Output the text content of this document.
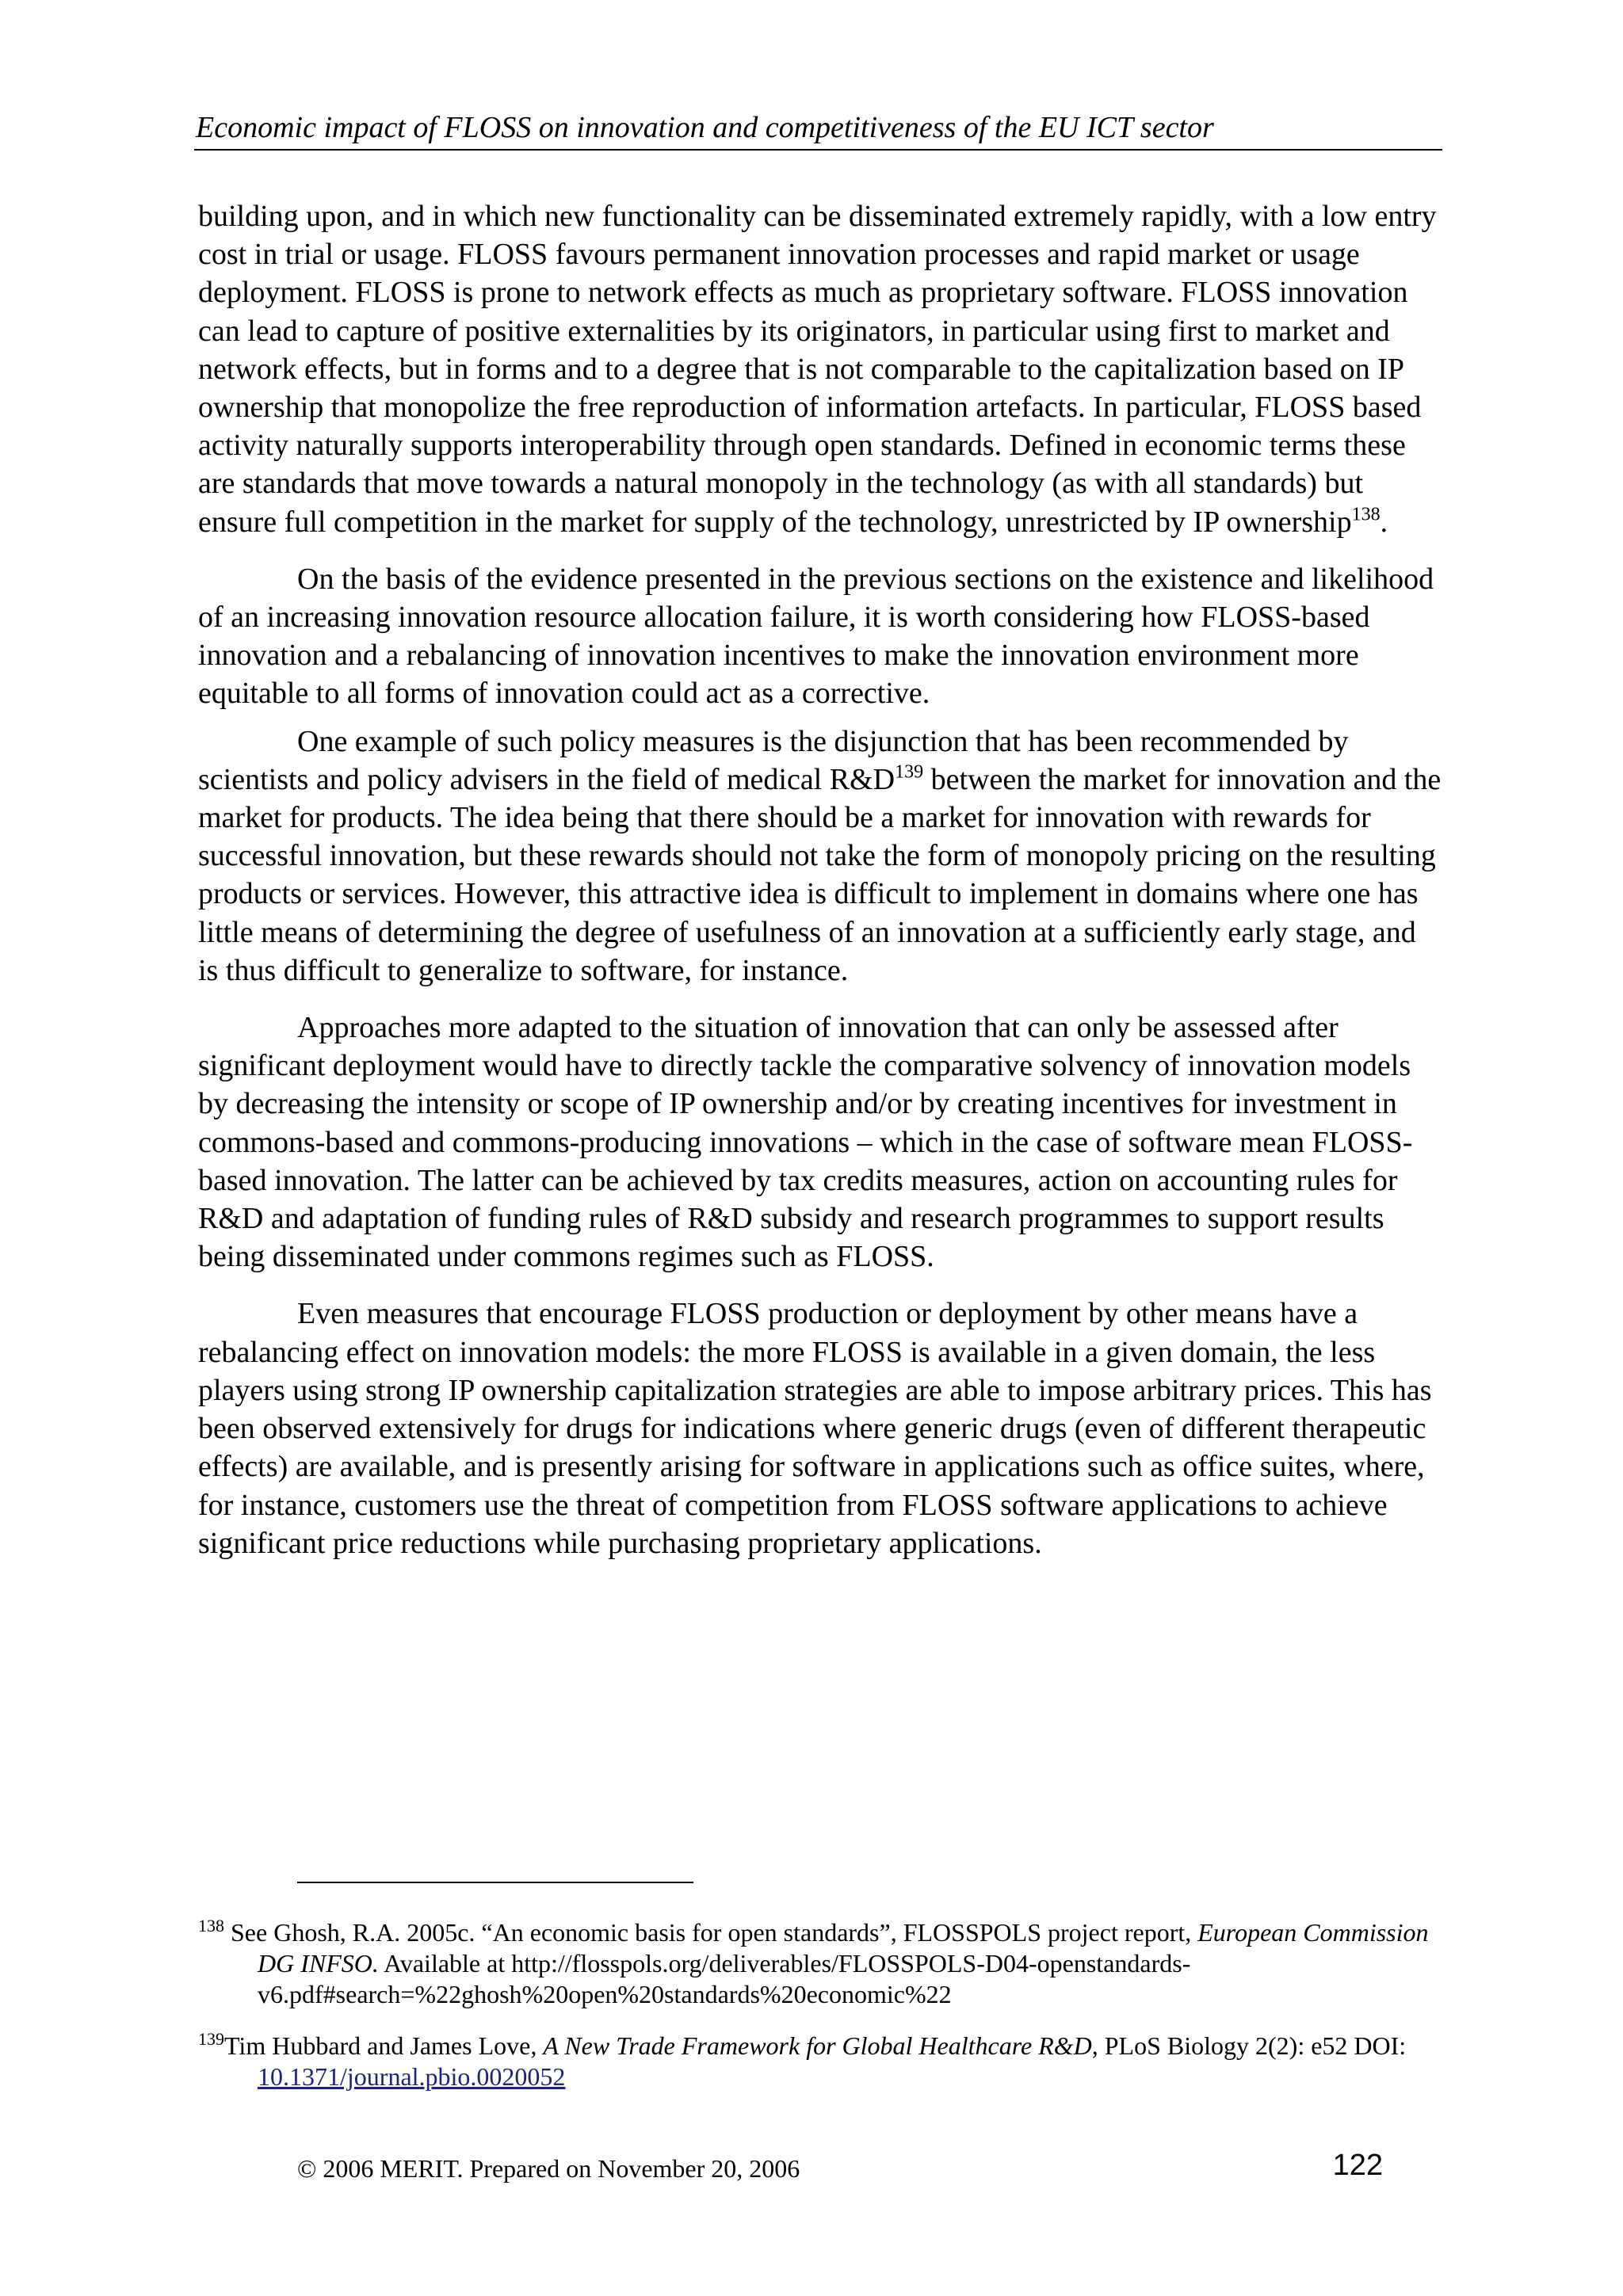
Economic impact of FLOSS on innovation and competitiveness of the EU ICT sector

building upon, and in which new functionality can be disseminated extremely rapidly, with a low entry cost in trial or usage. FLOSS favours permanent innovation processes and rapid market or usage deployment. FLOSS is prone to network effects as much as proprietary software. FLOSS innovation can lead to capture of positive externalities by its originators, in particular using first to market and network effects, but in forms and to a degree that is not comparable to the capitalization based on IP ownership that monopolize the free reproduction of information artefacts. In particular, FLOSS based activity naturally supports interoperability through open standards. Defined in economic terms these are standards that move towards a natural monopoly in the technology (as with all standards) but ensure full competition in the market for supply of the technology, unrestricted by IP ownership$^{138}$.

On the basis of the evidence presented in the previous sections on the existence and likelihood of an increasing innovation resource allocation failure, it is worth considering how FLOSS-based innovation and a rebalancing of innovation incentives to make the innovation environment more equitable to all forms of innovation could act as a corrective.

One example of such policy measures is the disjunction that has been recommended by scientists and policy advisers in the field of medical $R\&D^{139}$ between the market for innovation and the market for products. The idea being that there should be a market for innovation with rewards for successful innovation, but these rewards should not take the form of monopoly pricing on the resulting products or services. However, this attractive idea is difficult to implement in domains where one has little means of determining the degree of usefulness of an innovation at a sufficiently early stage, and is thus difficult to generalize to software, for instance.

Approaches more adapted to the situation of innovation that can only be assessed after significant deployment would have to directly tackle the comparative solvency of innovation models by decreasing the intensity or scope of IP ownership and/or by creating incentives for investment in commons-based and commons-producing innovations – which in the case of software mean FLOSS-based innovation. The latter can be achieved by tax credits measures, action on accounting rules for R&D and adaptation of funding rules of R&D subsidy and research programmes to support results being disseminated under commons regimes such as FLOSS.

Even measures that encourage FLOSS production or deployment by other means have a rebalancing effect on innovation models: the more FLOSS is available in a given domain, the less players using strong IP ownership capitalization strategies are able to impose arbitrary prices. This has been observed extensively for drugs for indications where generic drugs (even of different therapeutic effects) are available, and is presently arising for software in applications such as office suites, where, for instance, customers use the threat of competition from FLOSS software applications to achieve significant price reductions while purchasing proprietary applications.

$^{138}$ See Ghosh, R.A. 2005c. “An economic basis for open standards”, FLOSSPOLS project report, European Commission DG INFSO. Available at http://flosspols.org/deliverables/FLOSSPOLS-D04-openstandards-v6.pdf#search=%22ghosh%20open%20standards%20economic%22
$^{139}$Tim Hubbard and James Love, A New Trade Framework for Global Healthcare R&D, PLoS Biology 2(2): e52 DOI: 10.1371/journal.pbio.0020052
© 2006 MERIT. Prepared on November 20, 2006	122
